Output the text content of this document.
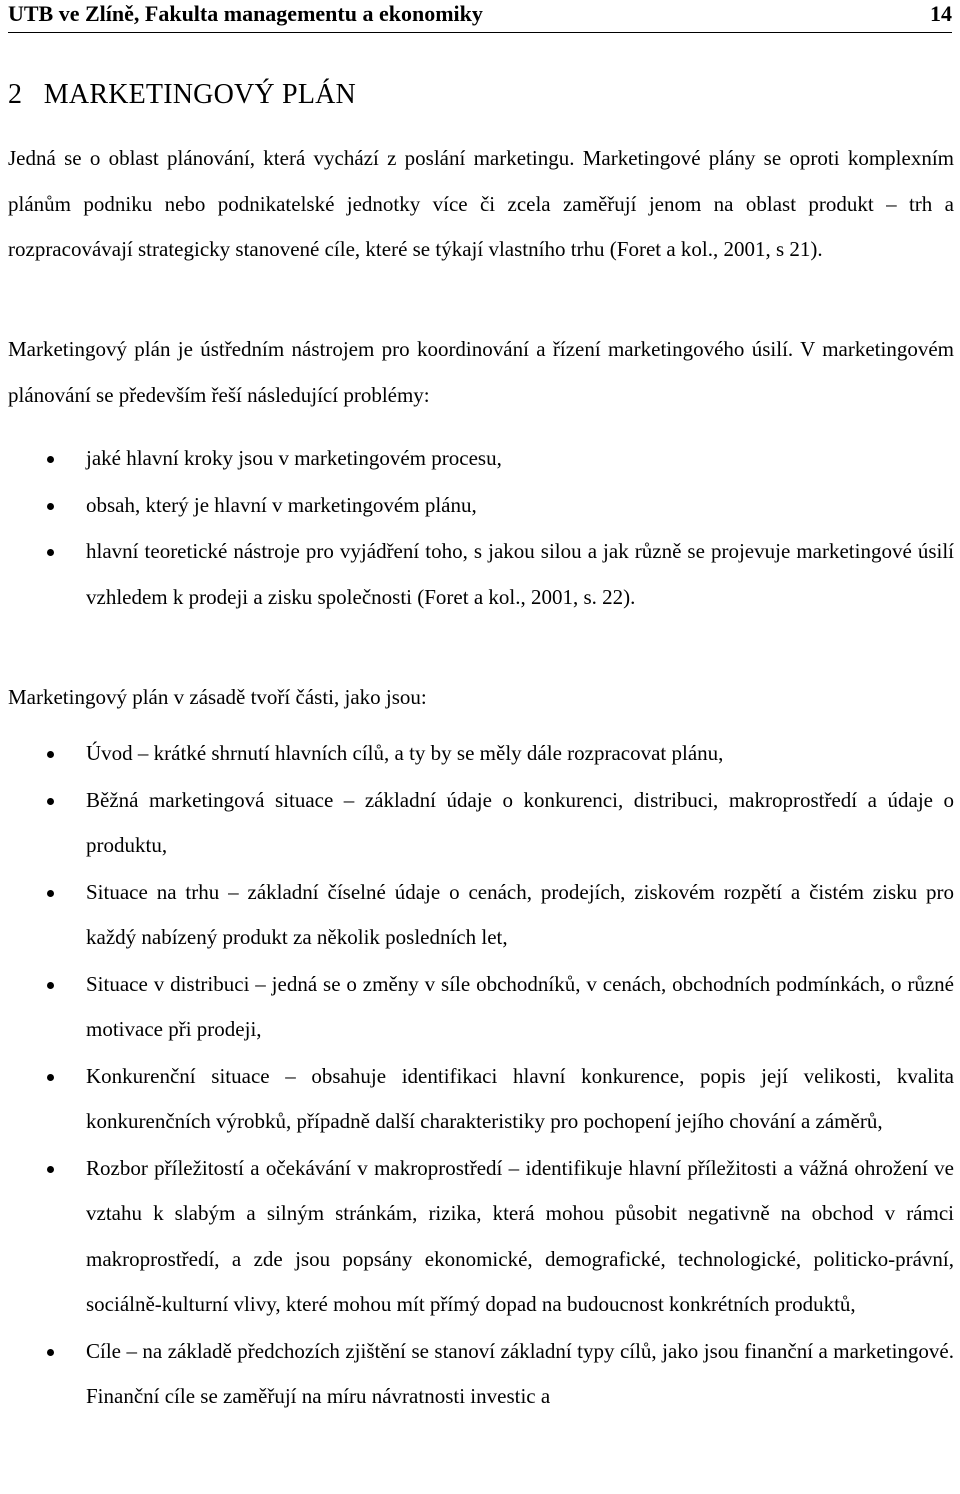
UTB ve Zlíně, Fakulta managementu a ekonomiky	14
2   MARKETINGOVÝ PLÁN

Jedná se o oblast plánování, která vychází z poslání marketingu. Marketingové plány se oproti komplexním plánům podniku nebo podnikatelské jednotky více či zcela zaměřují jenom na oblast produkt – trh a rozpracovávají strategicky stanovené cíle, které se týkají vlastního trhu (Foret a kol., 2001, s 21).

Marketingový plán je ústředním nástrojem pro koordinování a řízení marketingového úsilí. V marketingovém plánování se především řeší následující problémy:

jaké hlavní kroky jsou v marketingovém procesu,
obsah, který je hlavní v marketingovém plánu,
hlavní teoretické nástroje pro vyjádření toho, s jakou silou a jak různě se projevuje marketingové úsilí vzhledem k prodeji a zisku společnosti (Foret a kol., 2001, s. 22).

Marketingový plán v zásadě tvoří části, jako jsou:

Úvod – krátké shrnutí hlavních cílů, a ty by se měly dále rozpracovat plánu,
Běžná marketingová situace – základní údaje o konkurenci, distribuci, makroprostředí a údaje o produktu,
Situace na trhu – základní číselné údaje o cenách, prodejích, ziskovém rozpětí a čistém zisku pro každý nabízený produkt za několik posledních let,
Situace v distribuci – jedná se o změny v síle obchodníků, v cenách, obchodních podmínkách, o různé motivace při prodeji,
Konkurenční situace – obsahuje identifikaci hlavní konkurence, popis její velikosti, kvalita konkurenčních výrobků, případně další charakteristiky pro pochopení jejího chování a záměrů,
Rozbor příležitostí a očekávání v makroprostředí – identifikuje hlavní příležitosti a vážná ohrožení ve vztahu k slabým a silným stránkám, rizika, která mohou působit negativně na obchod v rámci makroprostředí, a zde jsou popsány ekonomické, demografické, technologické, politicko-právní, sociálně-kulturní vlivy, které mohou mít přímý dopad na budoucnost konkrétních produktů,
Cíle – na základě předchozích zjištění se stanoví základní typy cílů, jako jsou finanční a marketingové. Finanční cíle se zaměřují na míru návratnosti investic a
